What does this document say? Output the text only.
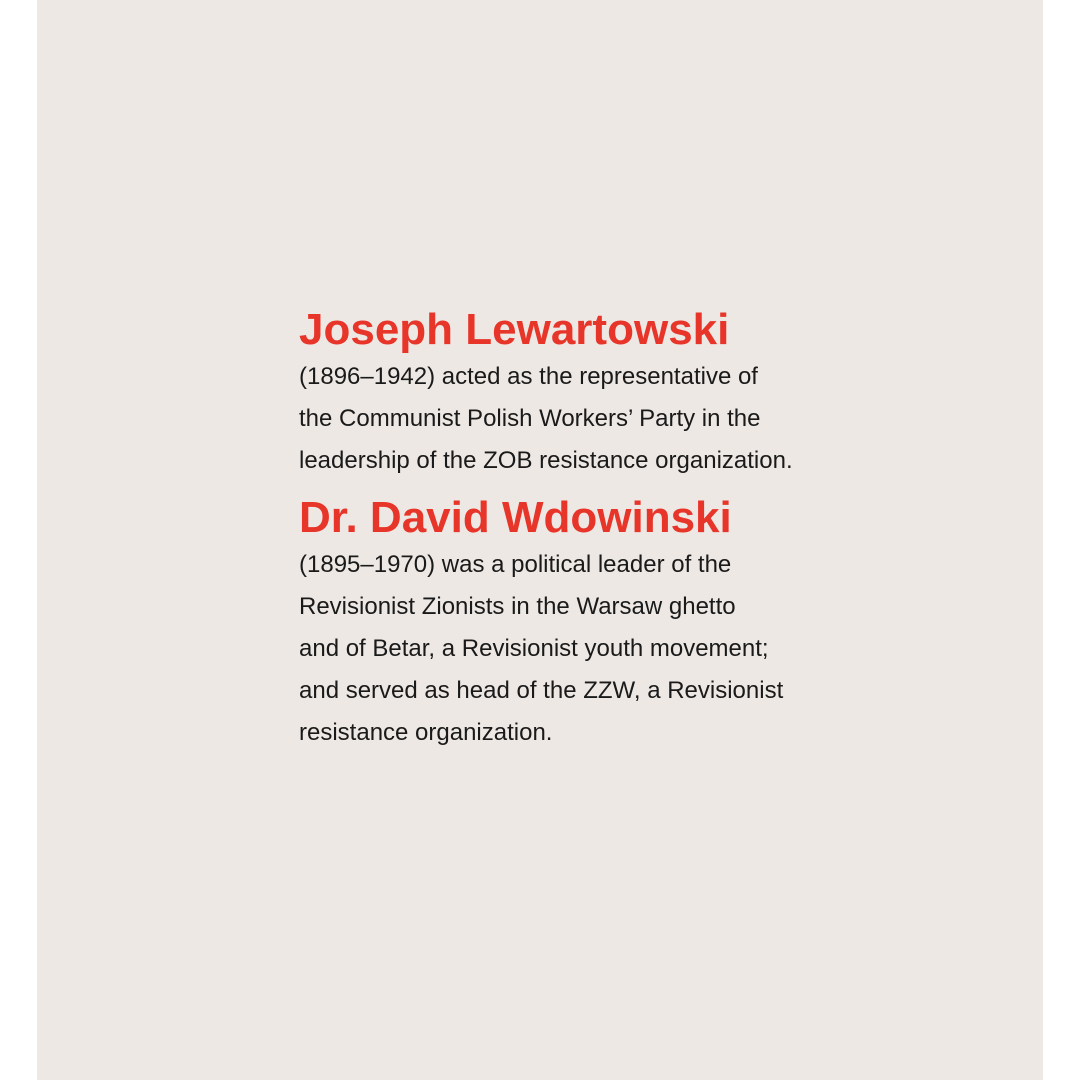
Joseph Lewartowski

(1896–1942) acted as the representative of
the Communist Polish Workers’ Party in the
leadership of the ZOB resistance organization.

Dr. David Wdowinski

(1895–1970) was a political leader of the
Revisionist Zionists in the Warsaw ghetto
and of Betar, a Revisionist youth movement;
and served as head of the ZZW, a Revisionist
resistance organization.
